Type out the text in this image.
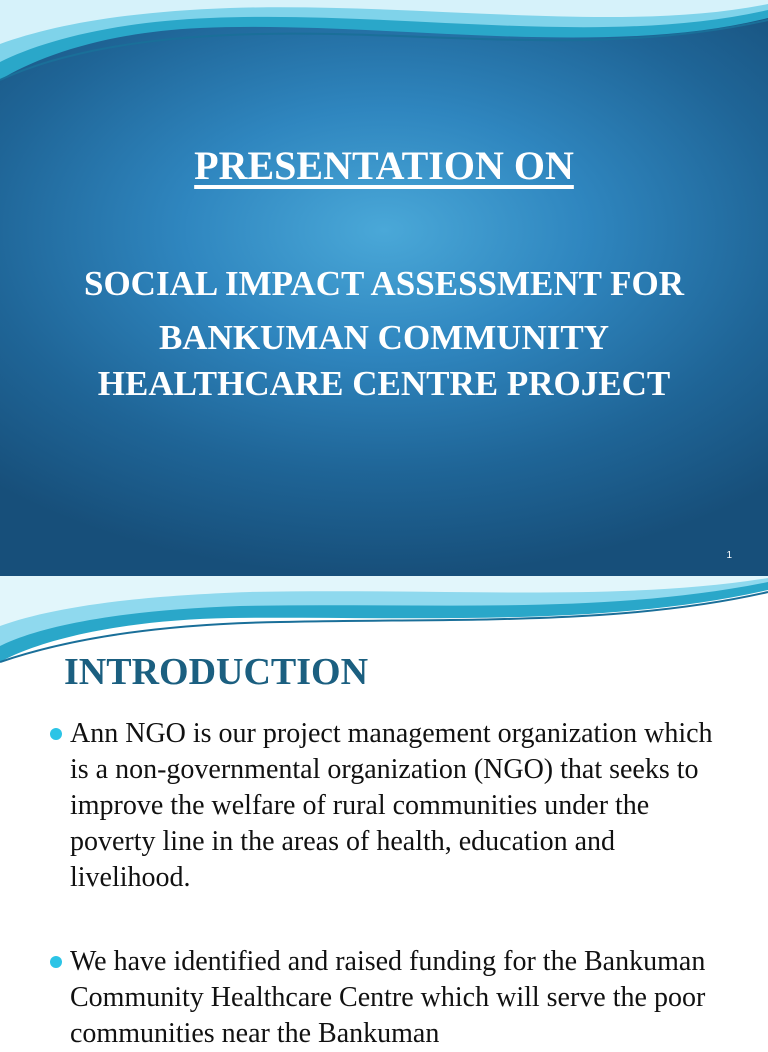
PRESENTATION ON
SOCIAL IMPACT ASSESSMENT FOR
BANKUMAN COMMUNITY
HEALTHCARE CENTRE PROJECT
1
INTRODUCTION
Ann NGO is our project management organization which is a non-governmental organization (NGO) that seeks to improve the welfare of rural communities under the poverty line in the areas of health, education and livelihood.
We have identified and raised funding for the Bankuman Community Healthcare Centre which will serve the poor communities near the Bankuman
